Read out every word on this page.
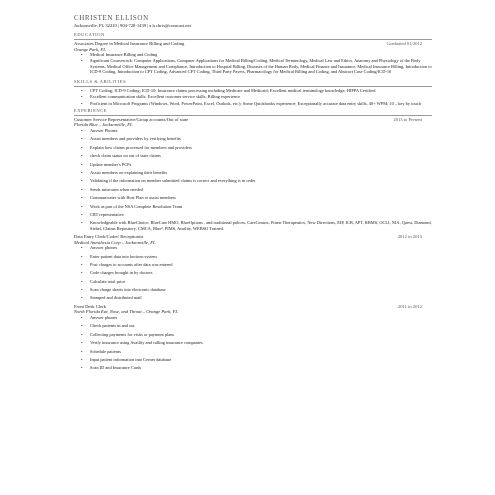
CHRISTEN ELLISON
Jacksonville, FL 32210 | 904-728-1439 | a.h.chris@comcast.net
EDUCATION
Associates Degree in Medical Insurance Billing and Coding	Graduated 01/2012
Orange Park, FL
• Medical Insurance Billing and Coding
• Significant Coursework: Computer Applications, Computer Applications for Medical Billing/Coding, Medical Terminology, Medical Law and Ethics, Anatomy and Physiology of the Body Systems, Medical Office Management and Compliance, Introduction to Hospital Billing, Diseases of the Human Body, Medical Finance and Insurance, Medical Insurance Billing, Introduction to ICD-9 Coding, Introduction to CPT Coding, Advanced CPT Coding, Third Party Payers, Pharmacology for Medical Billing and Coding, and Abstract Case Coding/ICD-10
SKILLS & ABILITIES
• CPT Coding; ICD-9 Coding; ICD-10; Insurance claims processing including Medicare and Medicaid; Excellent medical terminology knowledge; HIPPA Certified
• Excellent communication skills; Excellent customer service skills; Billing experience
• Proficient in Microsoft Programs (Windows, Word, PowerPoint, Excel, Outlook, etc.); Some Quickbooks experience; Exceptionally accurate data entry skills, 40+ WPM; 10 – key by touch
EXPERIENCE
Customer Service Representative/Group accounts/Out of state	2013 to Present
Florida Blue – Jacksonville, FL
• Answer Phones
• Assist members and providers by verifying benefits
• Explain how claims processed for members and providers
• check claim status on out of state claims
• Update member's PCPs
• Assist members on explaining their benefits
• Validating if the information on member submitted claims is correct and everything is in order
• Sends misroutes when needed
• Communicates with Host Plan to assist members
• Work as part of the NSA Complete Resolution Team
• CRT representative
• Knowledgeable with BlueChoice, BlueCare HMO, BlueOptions , and traditional polices, CareCentrix, Prime Therapeutics, New Directions, EIP, ICB, APT, RBMS, OCLI, NIA, Quest, Diamond, Siebel, Claims Repository, CMCA, Blue², PIMS, Availity, WEBSO Trained.
Data Entry Clerk/Coder/ Receptionist	2012 to 2013
Medical Anesthesia Corp – Jacksonville, FL
• Answer phones
• Enter patient data into horizon system
• Post charges to accounts after data was entered
• Code charges brought in by doctors
• Calculate total price
• Scan charge sheets into electronic database
• Stamped and distributed mail
Front Desk Clerk	2011 to 2012
North Florida Ear, Nose, and Throat – Orange Park, FL
• Answer phones
• Check patients in and out
• Collecting payments for visits or payment plans
• Verify insurance using Availity and calling insurance companies
• Schedule patients
• Input patient information into Cerner database
• Scan ID and Insurance Cards
